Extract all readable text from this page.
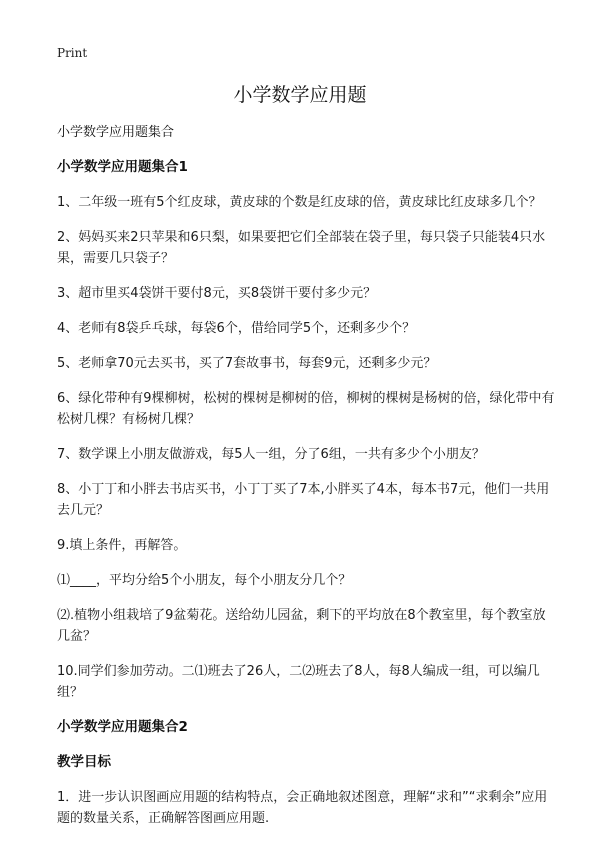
Print
小学数学应用题

小学数学应用题集合

小学数学应用题集合1

1、二年级一班有5个红皮球，黄皮球的个数是红皮球的倍，黄皮球比红皮球多几个？

2、妈妈买来2只苹果和6只梨，如果要把它们全部装在袋子里，每只袋子只能装4只水果，需要几只袋子？

3、超市里买4袋饼干要付8元，买8袋饼干要付多少元？

4、老师有8袋乒乓球，每袋6个，借给同学5个，还剩多少个？

5、老师拿70元去买书，买了7套故事书，每套9元，还剩多少元？

6、绿化带种有9棵柳树，松树的棵树是柳树的倍，柳树的棵树是杨树的倍，绿化带中有松树几棵？有杨树几棵？

7、数学课上小朋友做游戏，每5人一组，分了6组，一共有多少个小朋友？

8、小丁丁和小胖去书店买书，小丁丁买了7本,小胖买了4本，每本书7元，他们一共用去几元？

9.填上条件，再解答。

⑴____，平均分给5个小朋友，每个小朋友分几个？

⑵.植物小组栽培了9盆菊花。送给幼儿园盆，剩下的平均放在8个教室里，每个教室放几盆？

10.同学们参加劳动。二⑴班去了26人，二⑵班去了8人，每8人编成一组，可以编几组？

小学数学应用题集合2

教学目标

1．进一步认识图画应用题的结构特点，会正确地叙述图意，理解“求和”“求剩余”应用题的数量关系，正确解答图画应用题.
